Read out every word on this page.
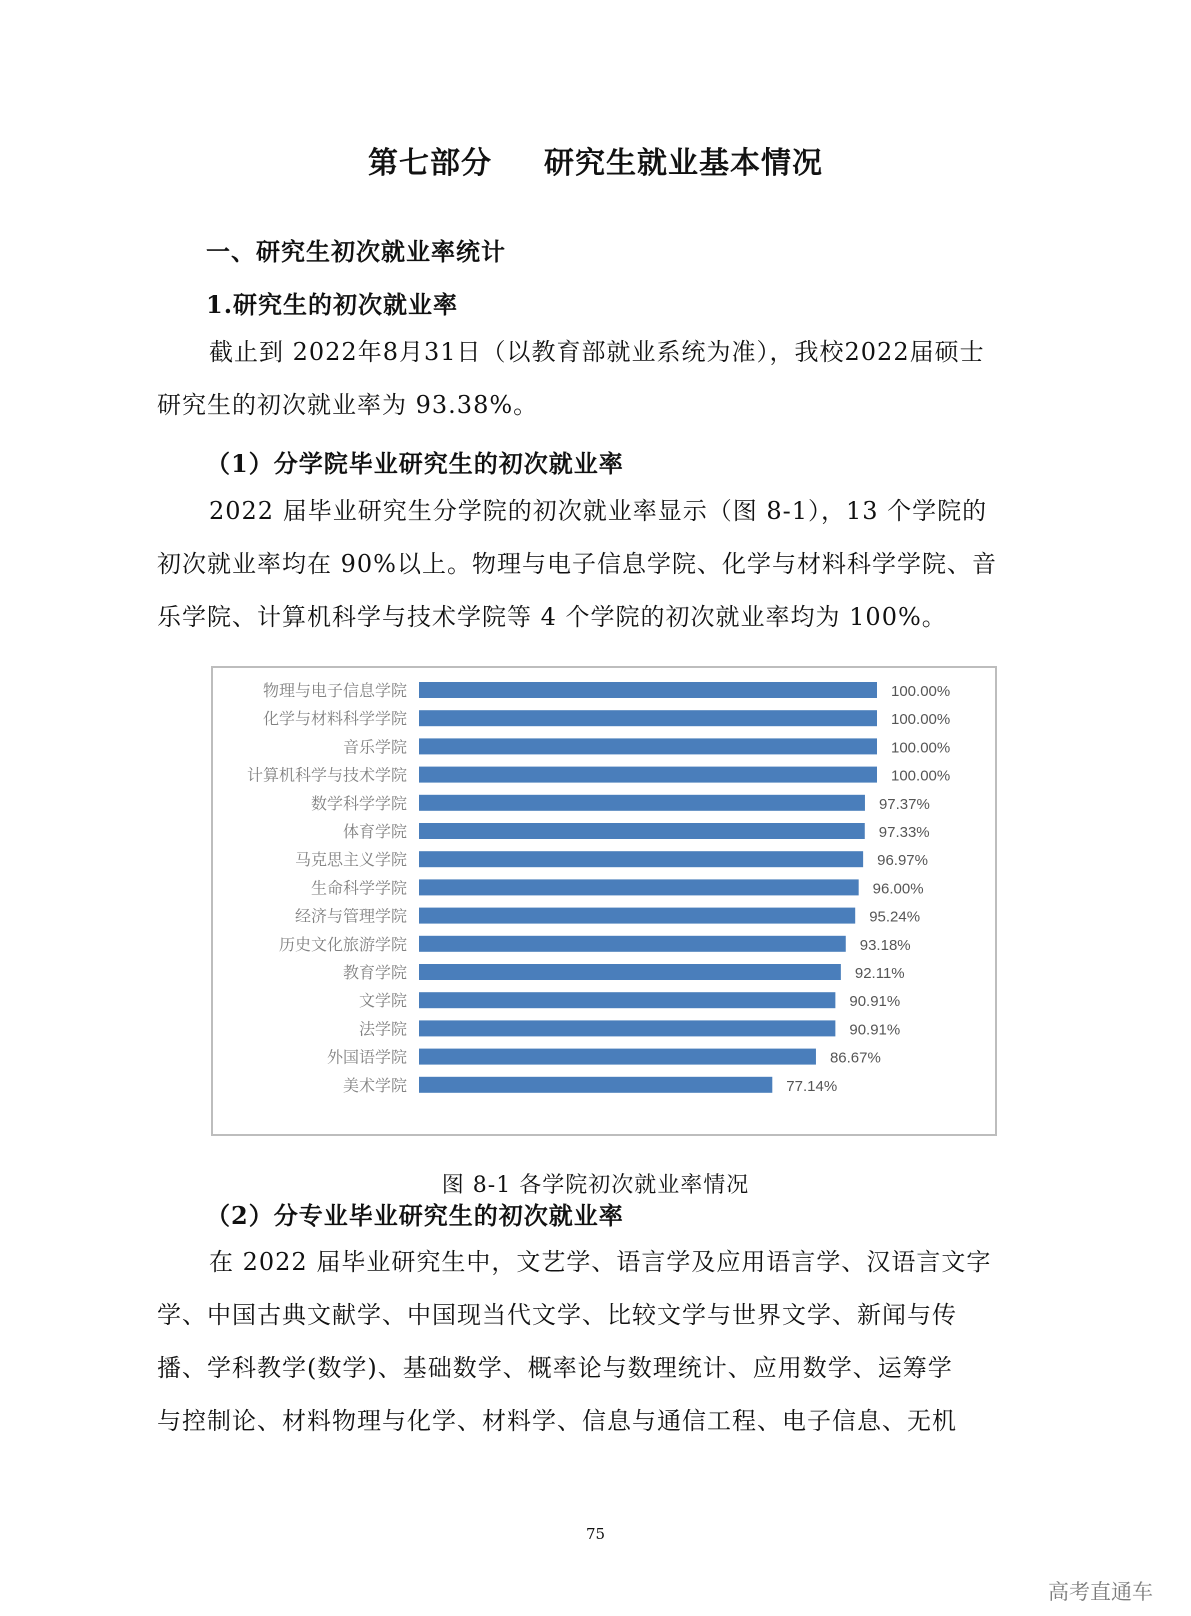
第七部分 研究生就业基本情况
一、研究生初次就业率统计
1.研究生的初次就业率
截止到 2022年8月31日（以教育部就业系统为准），我校2022届硕士
研究生的初次就业率为 93.38%。
（1）分学院毕业研究生的初次就业率
2022 届毕业研究生分学院的初次就业率显示（图 8-1），13 个学院的
初次就业率均在 90%以上。物理与电子信息学院、化学与材料科学学院、音
乐学院、计算机科学与技术学院等 4 个学院的初次就业率均为 100%。
物理与电子信息学院	100.00%
化学与材料科学学院	100.00%
音乐学院	100.00%
计算机科学与技术学院	100.00%
数学科学学院	97.37%
体育学院	97.33%
马克思主义学院	96.97%
生命科学学院	96.00%
经济与管理学院	95.24%
历史文化旅游学院	93.18%
教育学院	92.11%
文学院	90.91%
法学院	90.91%
外国语学院	86.67%
美术学院	77.14%
图 8-1 各学院初次就业率情况
（2）分专业毕业研究生的初次就业率
在 2022 届毕业研究生中，文艺学、语言学及应用语言学、汉语言文字
学、中国古典文献学、中国现当代文学、比较文学与世界文学、新闻与传
播、学科教学(数学)、基础数学、概率论与数理统计、应用数学、运筹学
与控制论、材料物理与化学、材料学、信息与通信工程、电子信息、无机
75
高考直通车
